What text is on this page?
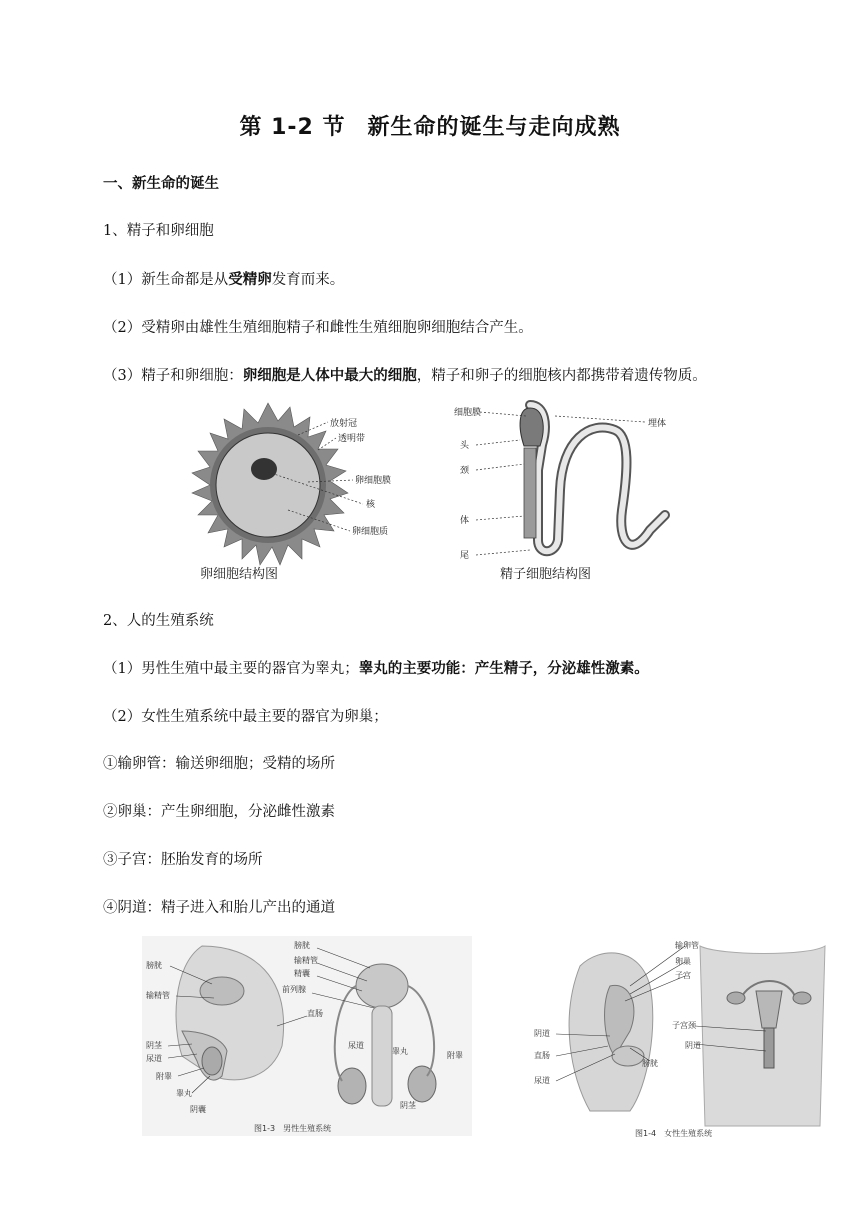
第 1-2 节 新生命的诞生与走向成熟
一、新生命的诞生
1、精子和卵细胞
（1）新生命都是从受精卵发育而来。
（2）受精卵由雄性生殖细胞精子和雌性生殖细胞卵细胞结合产生。
（3）精子和卵细胞：卵细胞是人体中最大的细胞，精子和卵子的细胞核内都携带着遗传物质。
放射冠
透明带
卵细胞膜
核
卵细胞质
卵细胞结构图
细胞膜
头
颈
体
尾
埋体
精子细胞结构图
2、人的生殖系统
（1）男性生殖中最主要的器官为睾丸；睾丸的主要功能：产生精子，分泌雄性激素。
（2）女性生殖系统中最主要的器官为卵巢；
①输卵管：输送卵细胞；受精的场所
②卵巢：产生卵细胞，分泌雌性激素
③子宫：胚胎发育的场所
④阴道：精子进入和胎儿产出的通道
膀胱
输精管
阴茎
尿道
附睾
睾丸
阴囊
膀胱
输精管
精囊
前列腺
直肠
尿道
睾丸	附睾
阴茎
图1-3　男性生殖系统
输卵管
卵巢
子宫
子宫颈
阴道
阴道
直肠
尿道
膀胱
图1-4　女性生殖系统
